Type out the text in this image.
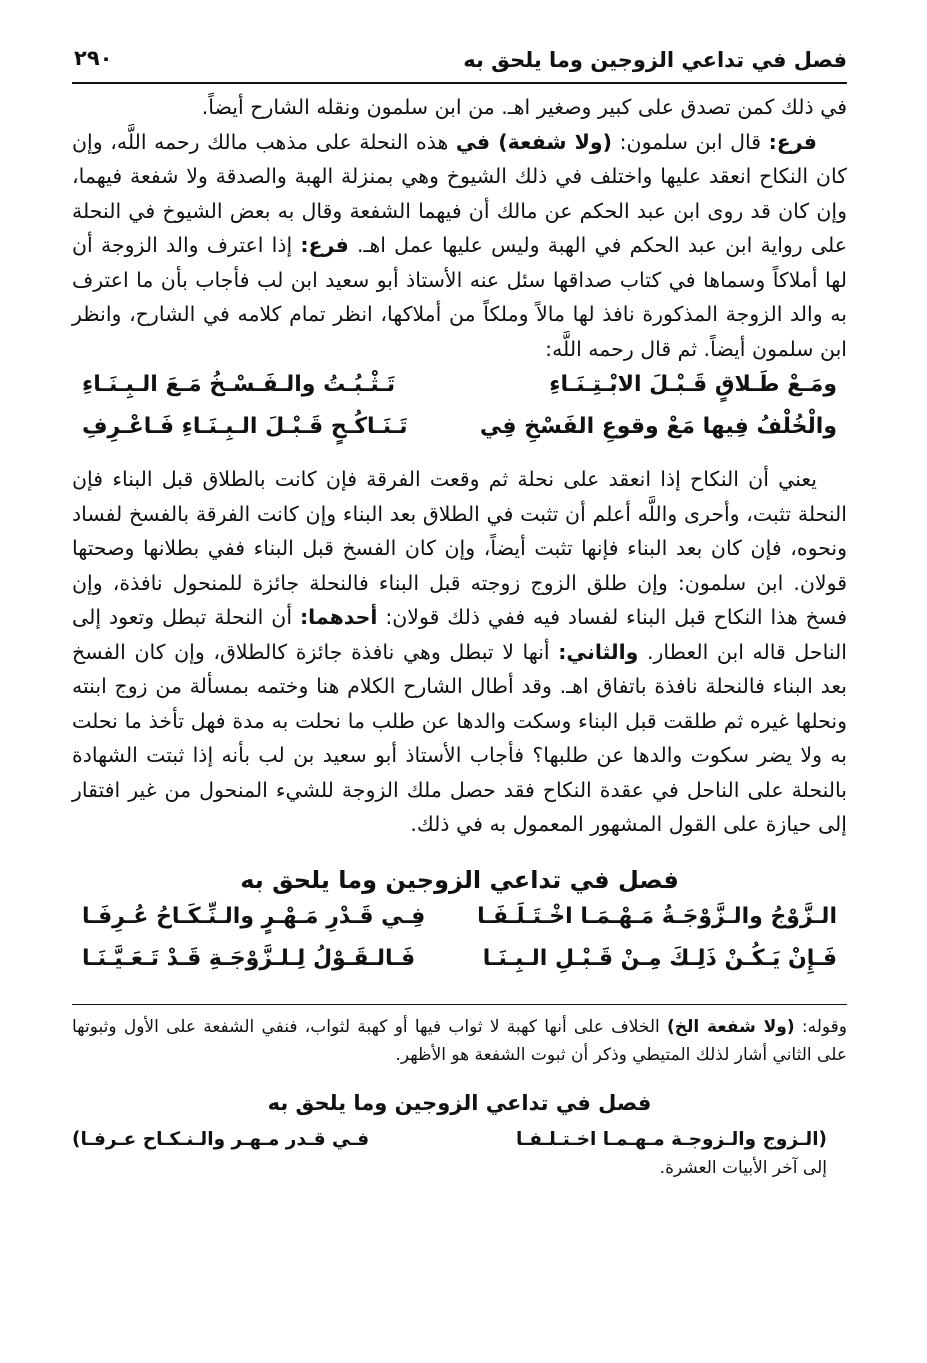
فصل في تداعي الزوجين وما يلحق به
٢٩٠

في ذلك كمن تصدق على كبير وصغير اهـ. من ابن سلمون ونقله الشارح أيضاً.

فرع: قال ابن سلمون: (ولا شفعة) في هذه النحلة على مذهب مالك رحمه اللَّه، وإن كان النكاح انعقد عليها واختلف في ذلك الشيوخ وهي بمنزلة الهبة والصدقة ولا شفعة فيهما، وإن كان قد روى ابن عبد الحكم عن مالك أن فيهما الشفعة وقال به بعض الشيوخ في النحلة على رواية ابن عبد الحكم في الهبة وليس عليها عمل اهـ. فرع: إذا اعترف والد الزوجة أن لها أملاكاً وسماها في كتاب صداقها سئل عنه الأستاذ أبو سعيد ابن لب فأجاب بأن ما اعترف به والد الزوجة المذكورة نافذ لها مالاً وملكاً من أملاكها، انظر تمام كلامه في الشارح، وانظر ابن سلمون أيضاً. ثم قال رحمه اللَّه:

ومَـعْ طَـلاقٍ قَـبْـلَ الابْـتِـنَـاءِ
تَـثْـبُـتُ والـفَـسْـخُ مَـعَ الـبِـنَـاءِ
والْخُلْفُ فِيها مَعْ وقوعِ الفَسْخِ فِي
تَـنَـاكُـحٍ قَـبْـلَ الـبِـنَـاءِ فَـاعْـرِفِ

يعني أن النكاح إذا انعقد على نحلة ثم وقعت الفرقة فإن كانت بالطلاق قبل البناء فإن النحلة تثبت، وأحرى واللَّه أعلم أن تثبت في الطلاق بعد البناء وإن كانت الفرقة بالفسخ لفساد ونحوه، فإن كان بعد البناء فإنها تثبت أيضاً، وإن كان الفسخ قبل البناء ففي بطلانها وصحتها قولان. ابن سلمون: وإن طلق الزوج زوجته قبل البناء فالنحلة جائزة للمنحول نافذة، وإن فسخ هذا النكاح قبل البناء لفساد فيه ففي ذلك قولان: أحدهما: أن النحلة تبطل وتعود إلى الناحل قاله ابن العطار. والثاني: أنها لا تبطل وهي نافذة جائزة كالطلاق، وإن كان الفسخ بعد البناء فالنحلة نافذة باتفاق اهـ. وقد أطال الشارح الكلام هنا وختمه بمسألة من زوج ابنته ونحلها غيره ثم طلقت قبل البناء وسكت والدها عن طلب ما نحلت به مدة فهل تأخذ ما نحلت به ولا يضر سكوت والدها عن طلبها؟ فأجاب الأستاذ أبو سعيد بن لب بأنه إذا ثبتت الشهادة بالنحلة على الناحل في عقدة النكاح فقد حصل ملك الزوجة للشيء المنحول من غير افتقار إلى حيازة على القول المشهور المعمول به في ذلك.

فصل في تداعي الزوجين وما يلحق به
الـزَّوْجُ والـزَّوْجَـةُ مَـهْـمَـا اخْـتَـلَـفَـا
فِـي قَـدْرِ مَـهْـرٍ والـنِّـكَـاحُ عُـرِفَـا
فَـإِنْ يَـكُـنْ ذَلِـكَ مِـنْ قَـبْـلِ الـبِـنَـا
فَـالـقَـوْلُ لِـلـزَّوْجَـةِ قَـدْ تَـعَـيَّـنَـا

وقوله: (ولا شفعة الخ) الخلاف على أنها كهبة لا ثواب فيها أو كهبة لثواب، فنفي الشفعة على الأول وثبوتها على الثاني أشار لذلك المتيطي وذكر أن ثبوت الشفعة هو الأظهر.

فصل في تداعي الزوجين وما يلحق به
(الـزوج والـزوجـة مـهـمـا اخـتـلـفـا
فـي قـدر مـهـر والـنـكـاح عـرفـا)
إلى آخر الأبيات العشرة.
